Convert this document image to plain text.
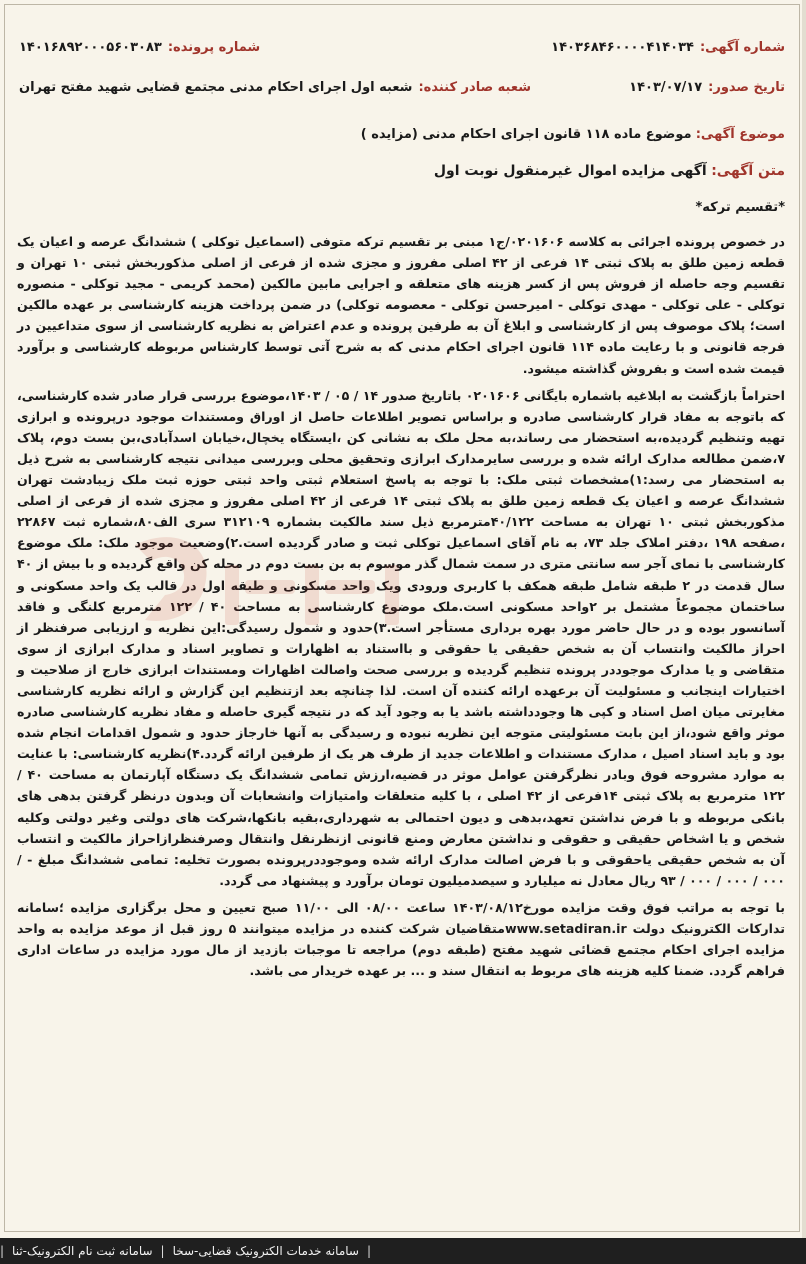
شماره آگهی:
۱۴۰۳۶۸۴۶۰۰۰۰۴۱۴۰۳۴
شماره پرونده:
۱۴۰۱۶۸۹۲۰۰۰۵۶۰۳۰۸۳
تاریخ صدور:
۱۴۰۳/۰۷/۱۷
شعبه صادر کننده:
شعبه اول اجرای احکام مدنی مجتمع قضایی شهید مفتح تهران
موضوع آگهی: موضوع ماده ۱۱۸ قانون اجرای احکام مدنی (مزایده )
متن آگهی: آگهی مزایده اموال غیرمنقول نوبت اول
*تقسیم ترکه*

در خصوص پرونده اجرائی به کلاسه ۰۲۰۱۶۰۶/ج۱ مبنی بر تقسیم ترکه متوفی (اسماعیل توکلی ) ششدانگ عرصه و اعیان یک قطعه زمین طلق به پلاک ثبتی ۱۴ فرعی از ۴۲ اصلی مفروز و مجزی شده از فرعی از اصلی مذکوربخش ثبتی ۱۰ تهران و تقسیم وجه حاصله از فروش پس از کسر هزینه های متعلقه و اجرایی مابین مالکین (محمد کریمی - مجید توکلی - منصوره توکلی - علی توکلی - مهدی توکلی - امیرحسن توکلی - معصومه توکلی) در ضمن پرداخت هزینه کارشناسی بر عهده مالکین است؛ پلاک موصوف پس از کارشناسی و ابلاغ آن به طرفین پرونده و عدم اعتراض به نظریه کارشناسی از سوی متداعیین در فرجه قانونی و با رعایت ماده ۱۱۴ قانون اجرای احکام مدنی که به شرح آتی توسط کارشناس مربوطه کارشناسی و برآورد قیمت شده است و بفروش گذاشته میشود.

احتراماً بازگشت به ابلاغیه باشماره بایگانی ۰۲۰۱۶۰۶ باتاریخ صدور ۱۴ / ۰۵ / ۱۴۰۳،موضوع بررسی قرار صادر شده کارشناسی، که باتوجه به مفاد قرار کارشناسی صادره و براساس تصویر اطلاعات حاصل از اوراق ومستندات موجود درپرونده و ابرازی تهیه وتنظیم گردیده،به استحضار می رساند،به محل ملک به نشانی کن ،ایستگاه یخچال،خیابان اسدآبادی،بن بست دوم، پلاک ۷،ضمن مطالعه مدارک ارائه شده و بررسی سایرمدارک ابرازی وتحقیق محلی وبررسی میدانی نتیجه کارشناسی به شرح ذیل به استحضار می رسد:۱)مشخصات ثبتی ملک: با توجه به پاسخ استعلام ثبتی واحد ثبتی حوزه ثبت ملک زیبادشت تهران ششدانگ عرصه و اعیان یک قطعه زمین طلق به پلاک ثبتی ۱۴ فرعی از ۴۲ اصلی مفروز و مجزی شده از فرعی از اصلی مذکوربخش ثبتی ۱۰ تهران به مساحت ۴۰/۱۲۲مترمربع ذیل سند مالکیت بشماره ۳۱۲۱۰۹ سری الف۸۰،شماره ثبت ۲۲۸۶۷ ،صفحه ۱۹۸ ،دفتر املاک جلد ۷۳، به نام آقای اسماعیل توکلی ثبت و صادر گردیده است.۲)وضعیت موجود ملک: ملک موضوع کارشناسی با نمای آجر سه سانتی متری در سمت شمال گذر موسوم به بن بست دوم در محله کن واقع گردیده و با بیش از ۴۰ سال قدمت در ۲ طبقه شامل طبقه همکف با کاربری ورودی ویک واحد مسکونی و طبقه اول در قالب یک واحد مسکونی و ساختمان مجموعاً مشتمل بر ۲واحد مسکونی است.ملک موضوع کارشناسی به مساحت ۴۰ / ۱۲۲ مترمربع کلنگی و فاقد آسانسور بوده و در حال حاضر مورد بهره برداری مستأجر است.۳)حدود و شمول رسیدگی:این نظریه و ارزیابی صرفنظر از احراز مالکیت وانتساب آن به شخص حقیقی یا حقوقی و بااستناد به اظهارات و تصاویر اسناد و مدارک ابرازی از سوی متقاضی و یا مدارک موجوددر پرونده تنظیم گردیده و بررسی صحت واصالت اظهارات ومستندات ابرازی خارج از صلاحیت و اختیارات اینجانب و مسئولیت آن برعهده ارائه کننده آن است. لذا چنانچه بعد ازتنظیم این گزارش و ارائه نظریه کارشناسی مغایرتی میان اصل اسناد و کپی ها وجودداشته باشد یا به وجود آید که در نتیجه گیری حاصله و مفاد نظریه کارشناسی صادره موثر واقع شود،از این بابت مسئولیتی متوجه این نظریه نبوده و رسیدگی به آنها خارجاز حدود و شمول اقدامات انجام شده بود و باید اسناد اصیل ، مدارک مستندات و اطلاعات جدید از طرف هر یک از طرفین ارائه گردد.۴)نظریه کارشناسی: با عنایت به موارد مشروحه فوق وبادر نظرگرفتن عوامل موثر در قضیه،ارزش تمامی ششدانگ یک دستگاه آپارتمان به مساحت ۴۰ / ۱۲۲ مترمربع به پلاک ثبتی ۱۴فرعی از ۴۲ اصلی ، با کلیه متعلقات وامتیازات وانشعابات آن وبدون درنظر گرفتن بدهی های بانکی مربوطه و با فرض نداشتن تعهد،بدهی و دیون احتمالی به شهرداری،بقیه بانکها،شرکت های دولتی وغیر دولتی وکلیه شخص و یا اشخاص حقیقی و حقوقی و نداشتن معارض ومنع قانونی ازنظرنقل وانتقال وصرفنظرازاحراز مالکیت و انتساب آن به شخص حقیقی یاحقوقی و با فرض اصالت مدارک ارائه شده وموجوددرپرونده بصورت تخلیه: تمامی ششدانگ مبلغ - / ۰۰۰ / ۰۰۰ / ۰۰۰ / ۹۳ ریال معادل نه میلیارد و سیصدمیلیون تومان برآورد و پیشنهاد می گردد.

با توجه به مراتب فوق وقت مزایده مورخ۱۴۰۳/۰۸/۱۲ ساعت ۰۸/۰۰ الی ۱۱/۰۰ صبح تعیین و محل برگزاری مزایده ؛سامانه تدارکات الکترونیک دولت www.setadiran.irمتقاضیان شرکت کننده در مزایده میتوانند ۵ روز قبل از موعد مزایده به واحد مزایده اجرای احکام مجتمع قضائی شهید مفتح (طبقه دوم) مراجعه تا موجبات بازدید از مال مورد مزایده در ساعات اداری فراهم گردد. ضمنا کلیه هزینه های مربوط به انتقال سند و ... بر عهده خریدار می باشد.

|
سامانه خدمات الکترونیک قضایی-سخا
|
سامانه ثبت نام الکترونیک-ثنا
|
